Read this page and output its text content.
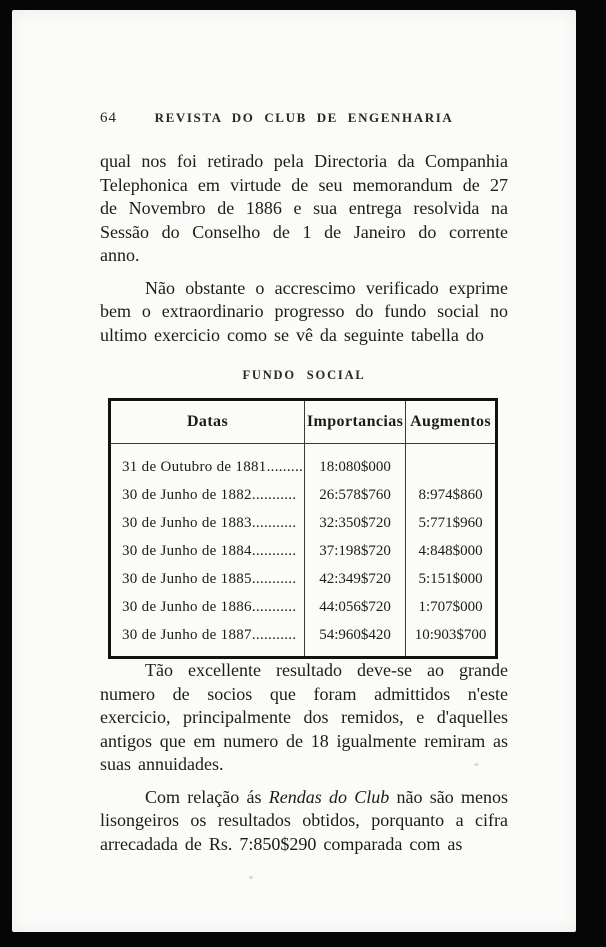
64	REVISTA DO CLUB DE ENGENHARIA

qual nos foi retirado pela Directoria da Companhia Telephonica em virtude de seu memorandum de 27 de Novembro de 1886 e sua entrega resolvida na Sessão do Conselho de 1 de Janeiro do corrente anno.

Não obstante o accrescimo verificado exprime bem o extraordinario progresso do fundo social no ultimo exercicio como se vê da seguinte tabella do

FUNDO SOCIAL
Datas	Importancias	Augmentos
31 de Outubro de 1881.........	18:080$000	
30 de Junho de 1882...........	26:578$760	8:974$860
30 de Junho de 1883...........	32:350$720	5:771$960
30 de Junho de 1884...........	37:198$720	4:848$000
30 de Junho de 1885...........	42:349$720	5:151$000
30 de Junho de 1886...........	44:056$720	1:707$000
30 de Junho de 1887...........	54:960$420	10:903$700

Tão excellente resultado deve-se ao grande numero de socios que foram admittidos n'este exercicio, principalmente dos remidos, e d'aquelles antigos que em numero de 18 igualmente remiram as suas annuidades.

Com relação ás Rendas do Club não são menos lisongeiros os resultados obtidos, porquanto a cifra arrecadada de Rs. 7:850$290 comparada com as
